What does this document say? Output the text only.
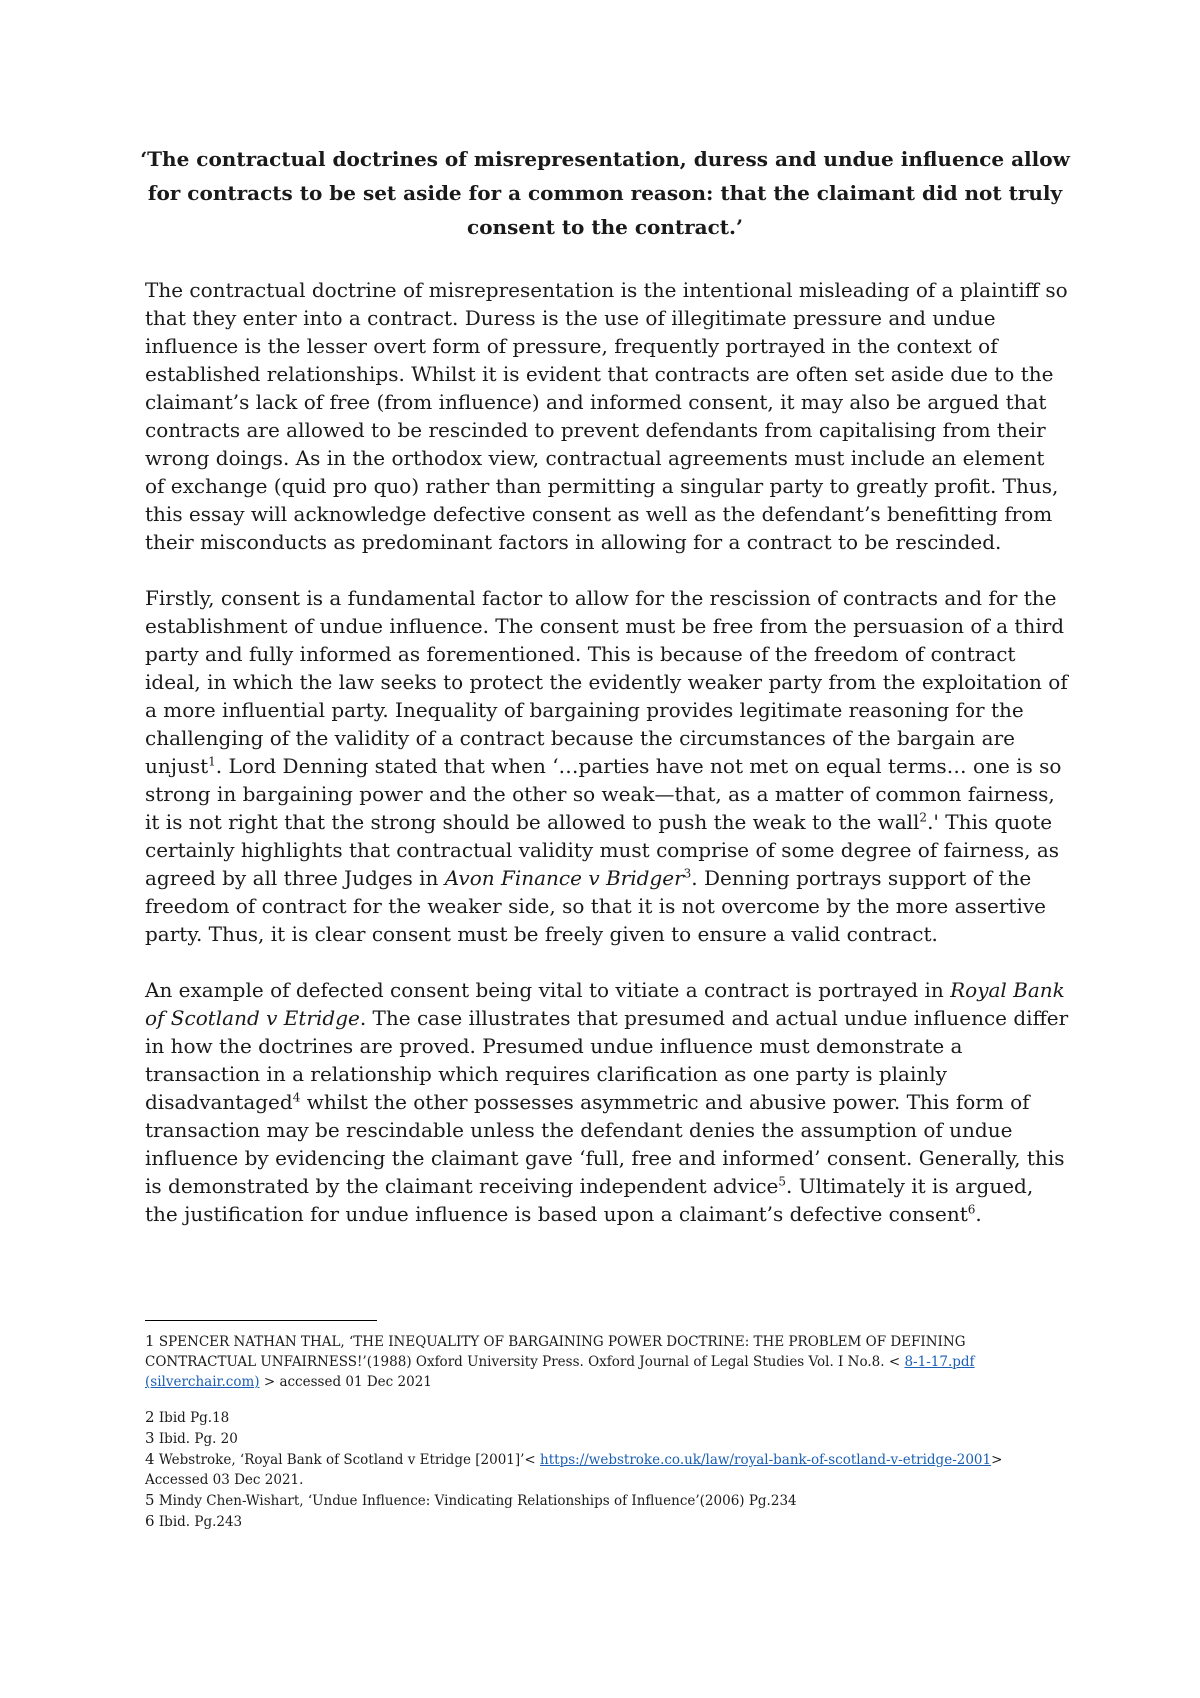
‘The contractual doctrines of misrepresentation, duress and undue influence allow for contracts to be set aside for a common reason: that the claimant did not truly consent to the contract.’

The contractual doctrine of misrepresentation is the intentional misleading of a plaintiff so that they enter into a contract. Duress is the use of illegitimate pressure and undue influence is the lesser overt form of pressure, frequently portrayed in the context of established relationships. Whilst it is evident that contracts are often set aside due to the claimant’s lack of free (from influence) and informed consent, it may also be argued that contracts are allowed to be rescinded to prevent defendants from capitalising from their wrong doings. As in the orthodox view, contractual agreements must include an element of exchange (quid pro quo) rather than permitting a singular party to greatly profit. Thus, this essay will acknowledge defective consent as well as the defendant’s benefitting from their misconducts as predominant factors in allowing for a contract to be rescinded.

Firstly, consent is a fundamental factor to allow for the rescission of contracts and for the establishment of undue influence. The consent must be free from the persuasion of a third party and fully informed as forementioned. This is because of the freedom of contract ideal, in which the law seeks to protect the evidently weaker party from the exploitation of a more influential party. Inequality of bargaining provides legitimate reasoning for the challenging of the validity of a contract because the circumstances of the bargain are unjust$^1$. Lord Denning stated that when ‘…parties have not met on equal terms… one is so strong in bargaining power and the other so weak—that, as a matter of common fairness, it is not right that the strong should be allowed to push the weak to the wall$^2$.' This quote certainly highlights that contractual validity must comprise of some degree of fairness, as agreed by all three Judges in Avon Finance v Bridger$^3$. Denning portrays support of the freedom of contract for the weaker side, so that it is not overcome by the more assertive party. Thus, it is clear consent must be freely given to ensure a valid contract.

An example of defected consent being vital to vitiate a contract is portrayed in Royal Bank of Scotland v Etridge. The case illustrates that presumed and actual undue influence differ in how the doctrines are proved. Presumed undue influence must demonstrate a transaction in a relationship which requires clarification as one party is plainly disadvantaged$^4$ whilst the other possesses asymmetric and abusive power. This form of transaction may be rescindable unless the defendant denies the assumption of undue influence by evidencing the claimant gave ‘full, free and informed’ consent. Generally, this is demonstrated by the claimant receiving independent advice$^5$. Ultimately it is argued, the justification for undue influence is based upon a claimant’s defective consent$^6$.

1 SPENCER NATHAN THAL, ‘THE INEQUALITY OF BARGAINING POWER DOCTRINE: THE PROBLEM OF DEFINING CONTRACTUAL UNFAIRNESS!’(1988) Oxford University Press. Oxford Journal of Legal Studies Vol. I No.8. < 8-1-17.pdf (silverchair.com) > accessed 01 Dec 2021

2 Ibid Pg.18

3 Ibid. Pg. 20

4 Webstroke, ‘Royal Bank of Scotland v Etridge [2001]’< https://webstroke.co.uk/law/royal-bank-of-scotland-v-etridge-2001> Accessed 03 Dec 2021.

5 Mindy Chen-Wishart, ‘Undue Influence: Vindicating Relationships of Influence’(2006) Pg.234

6 Ibid. Pg.243
